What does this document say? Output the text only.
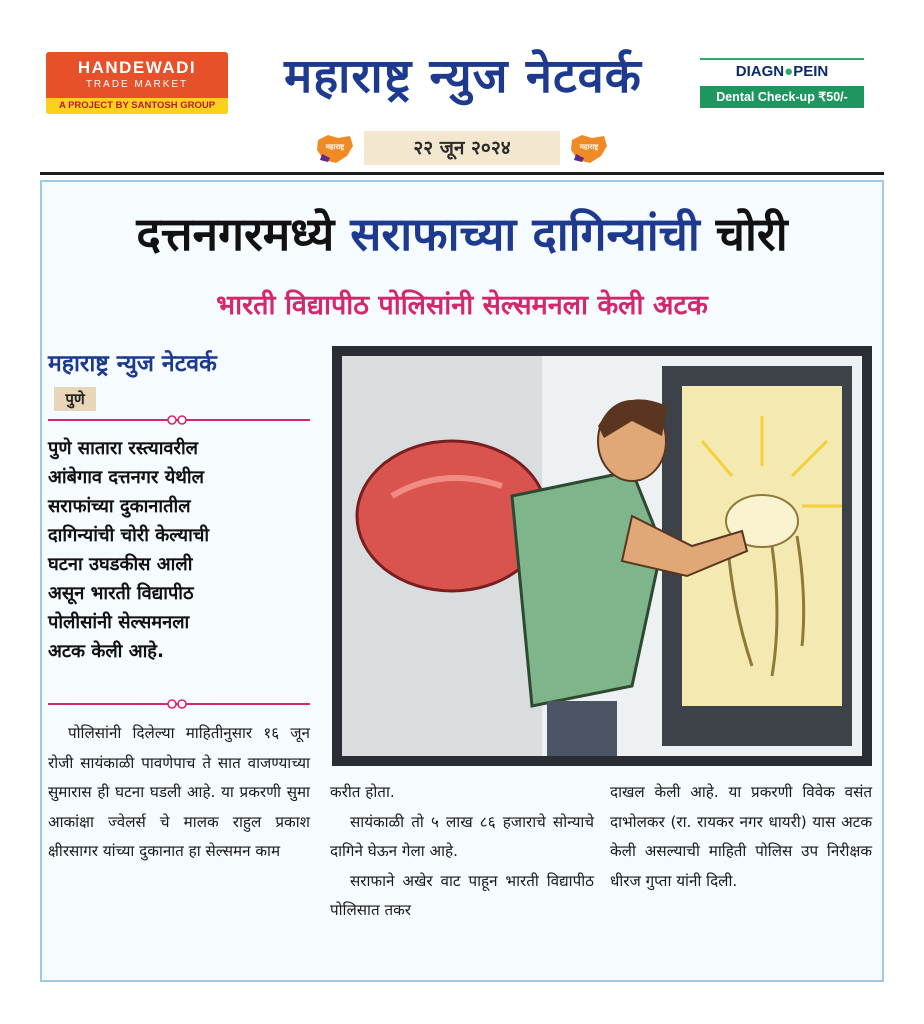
HANDEWADI
TRADE MARKET
A PROJECT BY SANTOSH GROUP
महाराष्ट्र न्युज नेटवर्क	DIAGN●PEIN
Dental Check-up ₹50/-
महाराष्ट्र	२२ जून २०२४	महाराष्ट्र
दत्तनगरमध्ये सराफाच्या दागिन्यांची चोरी
भारती विद्यापीठ पोलिसांनी सेल्समनला केली अटक
महाराष्ट्र न्युज नेटवर्क
पुणे

पुणे सातारा रस्त्यावरील

आंबेगाव दत्तनगर येथील

सराफांच्या दुकानातील

दागिन्यांची चोरी केल्याची

घटना उघडकीस आली

असून भारती विद्यापीठ

पोलीसांनी सेल्समनला

अटक केली आहे.

पोलिसांनी दिलेल्या माहितीनुसार १६ जून रोजी सायंकाळी पावणेपाच ते सात वाजण्याच्या सुमारास ही घटना घडली आहे. या प्रकरणी सुमा आकांक्षा ज्वेलर्स चे मालक राहुल प्रकाश क्षीरसागर यांच्या दुकानात हा सेल्समन काम

करीत होता.

सायंकाळी तो ५ लाख ८६ हजाराचे सोन्याचे दागिने घेऊन गेला आहे.

सराफाने अखेर वाट पाहून भारती विद्यापीठ पोलिसात तकर

दाखल केली आहे. या प्रकरणी विवेक वसंत दाभोलकर (रा. रायकर नगर धायरी) यास अटक केली असल्याची माहिती पोलिस उप निरीक्षक धीरज गुप्ता यांनी दिली.
